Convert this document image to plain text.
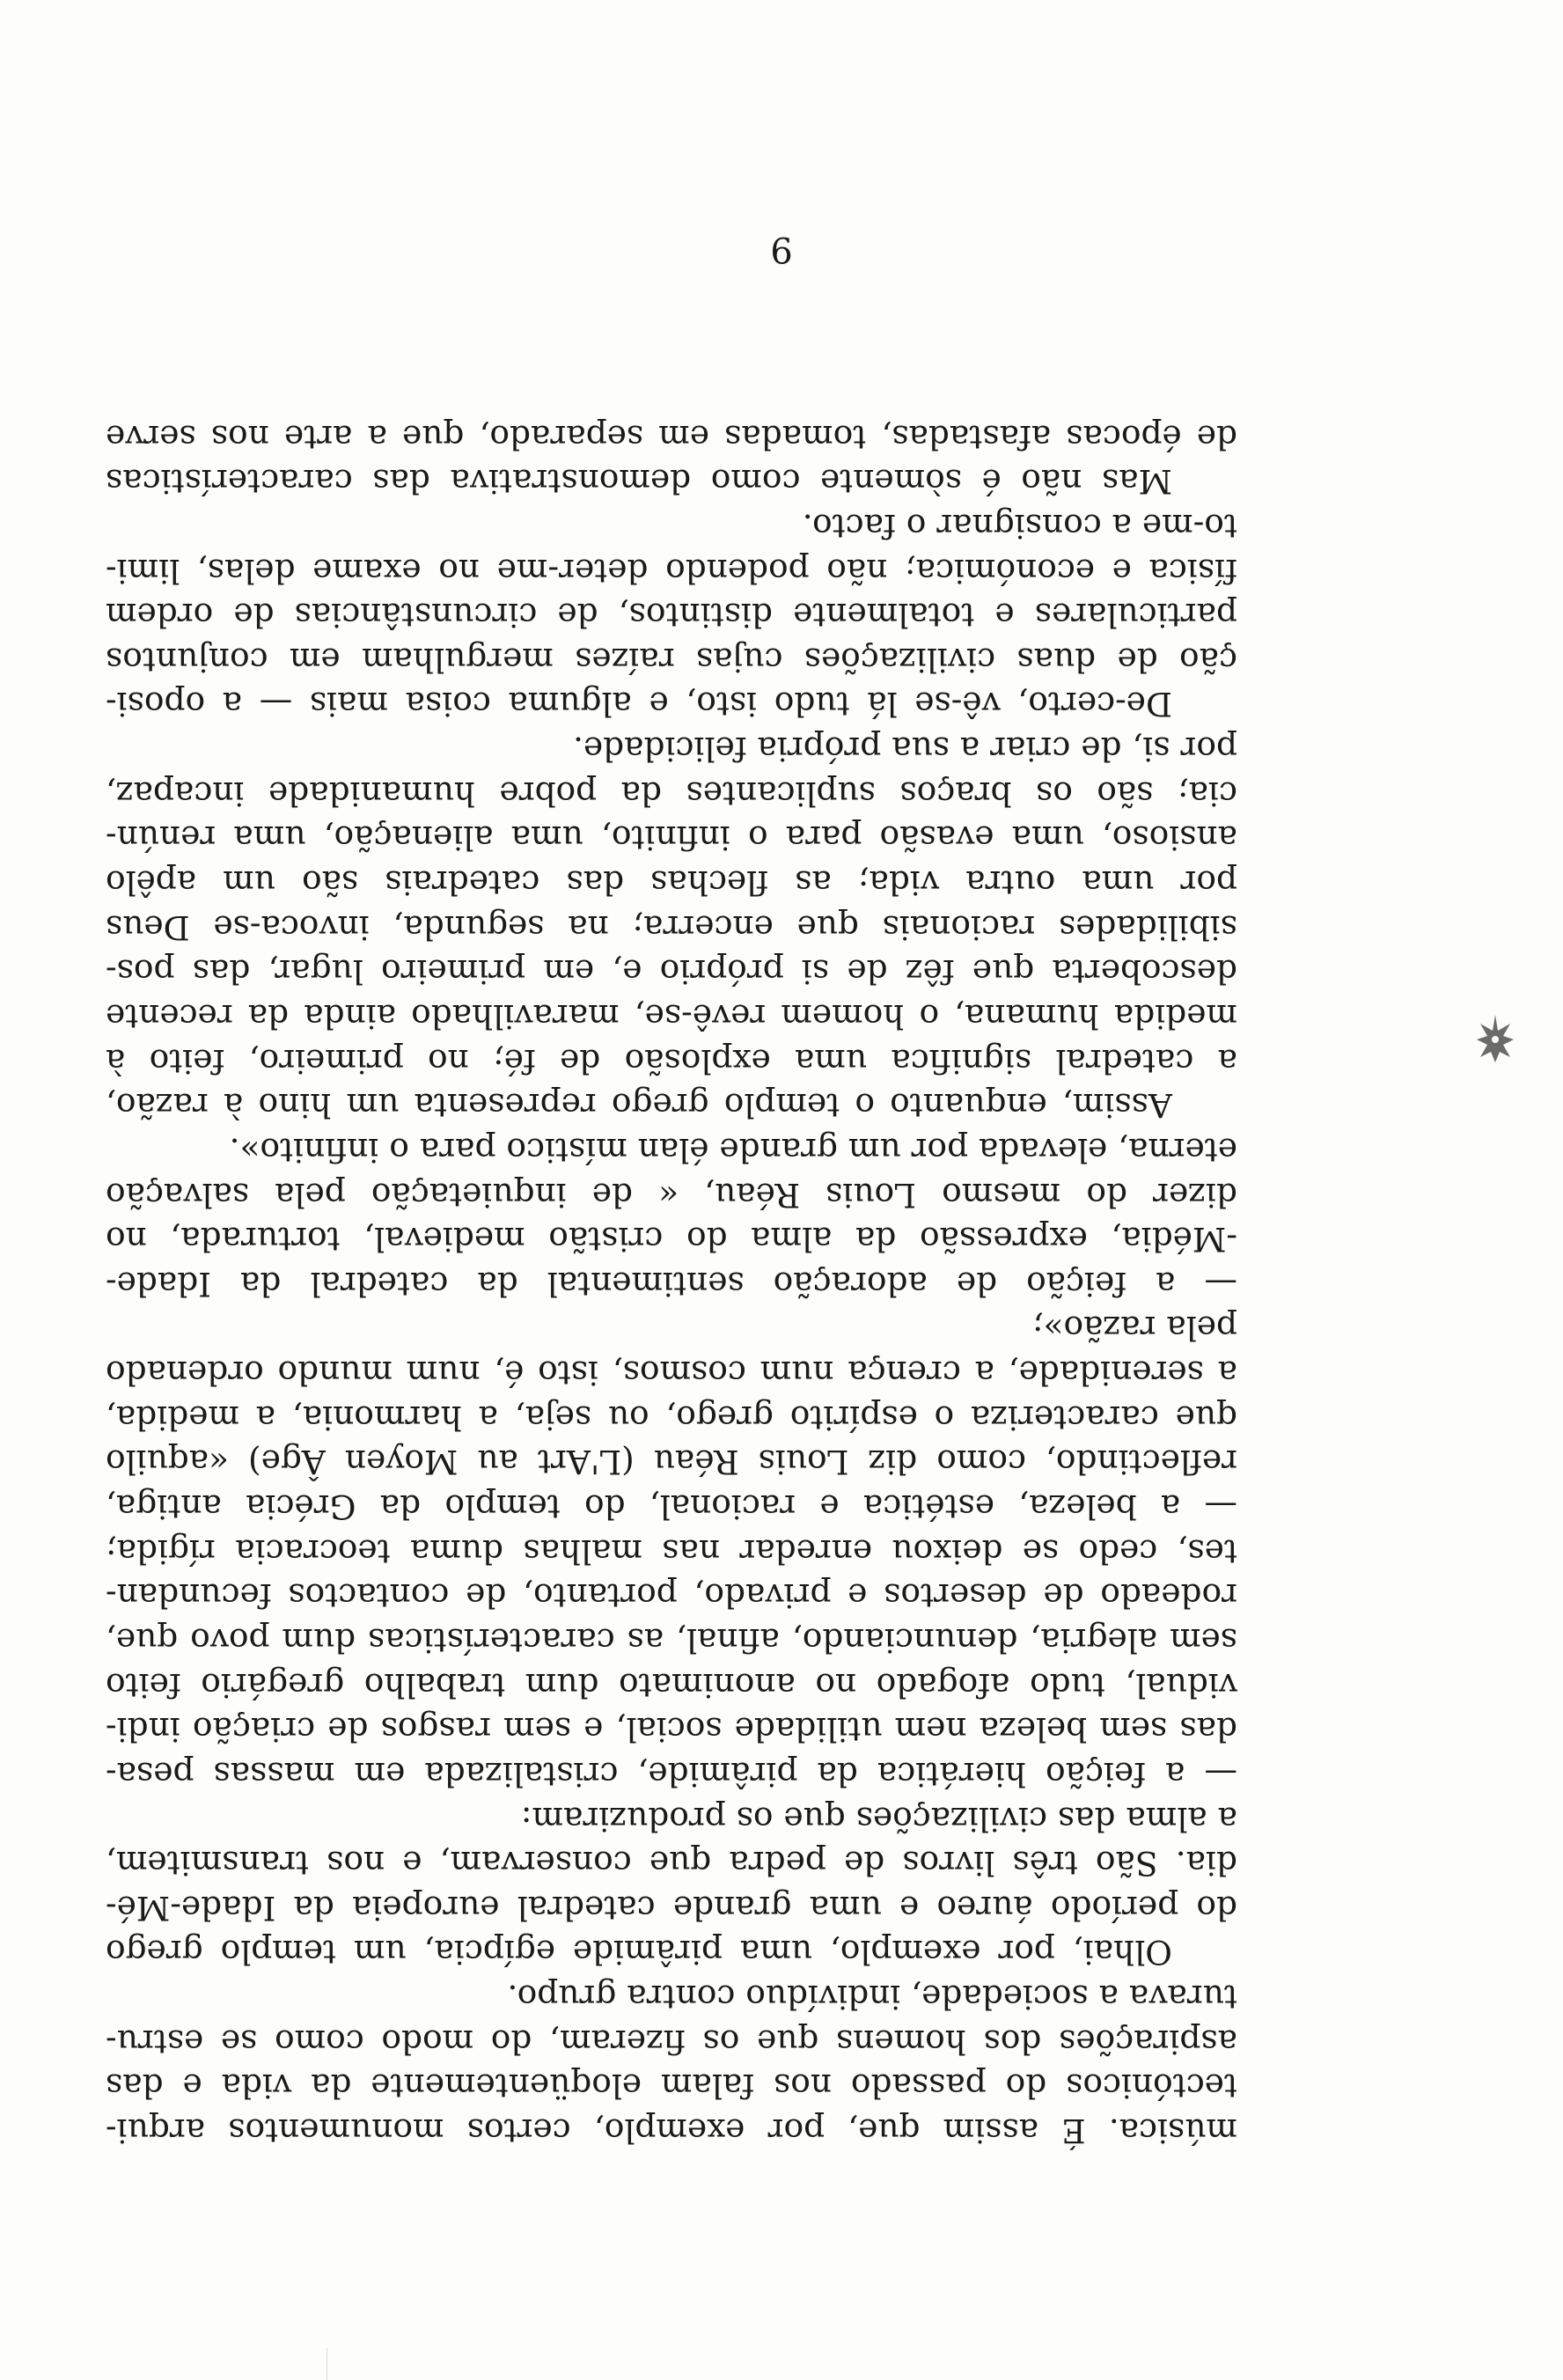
música. É assim que, por exemplo, certos monumentos arqui-
tectónicos do passado nos falam eloqüentemente da vida e das
aspirações dos homens que os fizeram, do modo como se estru-
turava a sociedade, indivíduo contra grupo.
Olhai, por exemplo, uma pirâmide egípcia, um templo grego
do período áureo e uma grande catedral europeia da Idade-Mé-
dia. São três livros de pedra que conservam, e nos transmitem,
a alma das civilizações que os produziram:
— a feição hierática da pirâmide, cristalizada em massas pesa-
das sem beleza nem utilidade social, e sem rasgos de criação indi-
vidual, tudo afogado no anonimato dum trabalho gregário feito
sem alegria, denunciando, afinal, as características dum povo que,
rodeado de desertos e privado, portanto, de contactos fecundan-
tes, cedo se deixou enredar nas malhas duma teocracia rígida;
— a beleza, estética e racional, do templo da Grécia antiga,
reflectindo, como diz Louis Réau (L'Art au Moyen Âge) «aquilo
que caracteriza o espírito grego, ou seja, a harmonia, a medida,
a serenidade, a crença num cosmos, isto é, num mundo ordenado
pela razão»;
— a feição de adoração sentimental da catedral da Idade-
-Média, expressão da alma do cristão medieval, torturada, no
dizer do mesmo Louis Réau, « de inquietação pela salvação
eterna, elevada por um grande élan místico para o infinito».
Assim, enquanto o templo grego representa um hino à razão,
a catedral significa uma explosão de fé; no primeiro, feito à
medida humana, o homem revê-se, maravilhado ainda da recente
descoberta que fêz de si próprio e, em primeiro lugar, das pos-
sibilidades racionais que encerra; na segunda, invoca-se Deus
por uma outra vida; as flechas das catedrais são um apêlo
ansioso, uma evasão para o infinito, uma alienação, uma renún-
cia; são os braços suplicantes da pobre humanidade incapaz,
por si, de criar a sua própria felicidade.
De-certo, vê-se lá tudo isto, e alguma coisa mais — a oposi-
ção de duas civilizações cujas raízes mergulham em conjuntos
particulares e totalmente distintos, de circunstâncias de ordem
física e económica; não podendo deter-me no exame delas, limi-
to-me a consignar o facto.
Mas não é sòmente como demonstrativa das características
de épocas afastadas, tomadas em separado, que a arte nos serve
9
